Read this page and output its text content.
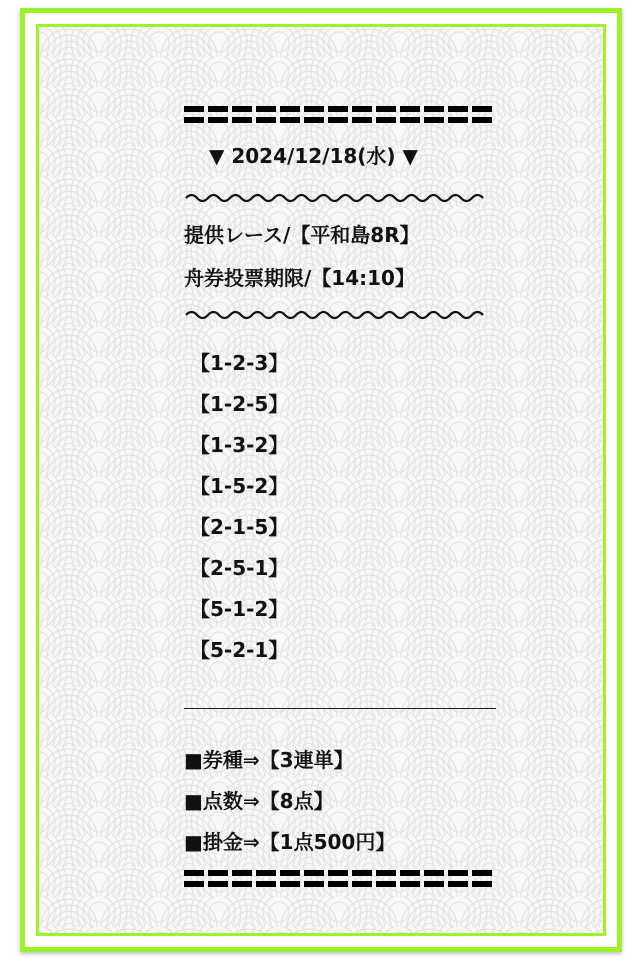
▼ 2024/12/18(水) ▼
提供レース/【平和島8R】
舟券投票期限/【14:10】
【1-2-3】
【1-2-5】
【1-3-2】
【1-5-2】
【2-1-5】
【2-5-1】
【5-1-2】
【5-2-1】
■券種⇒【3連単】
■点数⇒【8点】
■掛金⇒【1点500円】
